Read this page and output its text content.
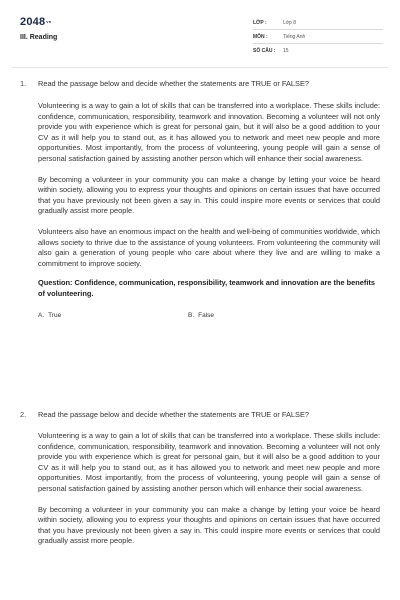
$2048_{vn}$
III. Reading
LỚP :	Lớp 8
MÔN :	Tiếng Anh
SỐ CÂU :	15
1. Read the passage below and decide whether the statements are TRUE or FALSE?

Volunteering is a way to gain a lot of skills that can be transferred into a workplace. These skills include: confidence, communication, responsibility, teamwork and innovation. Becoming a volunteer will not only provide you with experience which is great for personal gain, but it will also be a good addition to your CV as it will help you to stand out, as it has allowed you to network and meet new people and more opportunities. Most importantly, from the process of volunteering, young people will gain a sense of personal satisfaction gained by assisting another person which will enhance their social awareness.

By becoming a volunteer in your community you can make a change by letting your voice be heard within society, allowing you to express your thoughts and opinions on certain issues that have occurred that you have previously not been given a say in. This could inspire more events or services that could gradually assist more people.

Volunteers also have an enormous impact on the health and well-being of communities worldwide, which allows society to thrive due to the assistance of young volunteers. From volunteering the community will also gain a generation of young people who care about where they live and are willing to make a commitment to improve society.

Question: Confidence, communication, responsibility, teamwork and innovation are the benefits of volunteering.

A. True	B. False
2. Read the passage below and decide whether the statements are TRUE or FALSE?

Volunteering is a way to gain a lot of skills that can be transferred into a workplace. These skills include: confidence, communication, responsibility, teamwork and innovation. Becoming a volunteer will not only provide you with experience which is great for personal gain, but it will also be a good addition to your CV as it will help you to stand out, as it has allowed you to network and meet new people and more opportunities. Most importantly, from the process of volunteering, young people will gain a sense of personal satisfaction gained by assisting another person which will enhance their social awareness.

By becoming a volunteer in your community you can make a change by letting your voice be heard within society, allowing you to express your thoughts and opinions on certain issues that have occurred that you have previously not been given a say in. This could inspire more events or services that could gradually assist more people.
